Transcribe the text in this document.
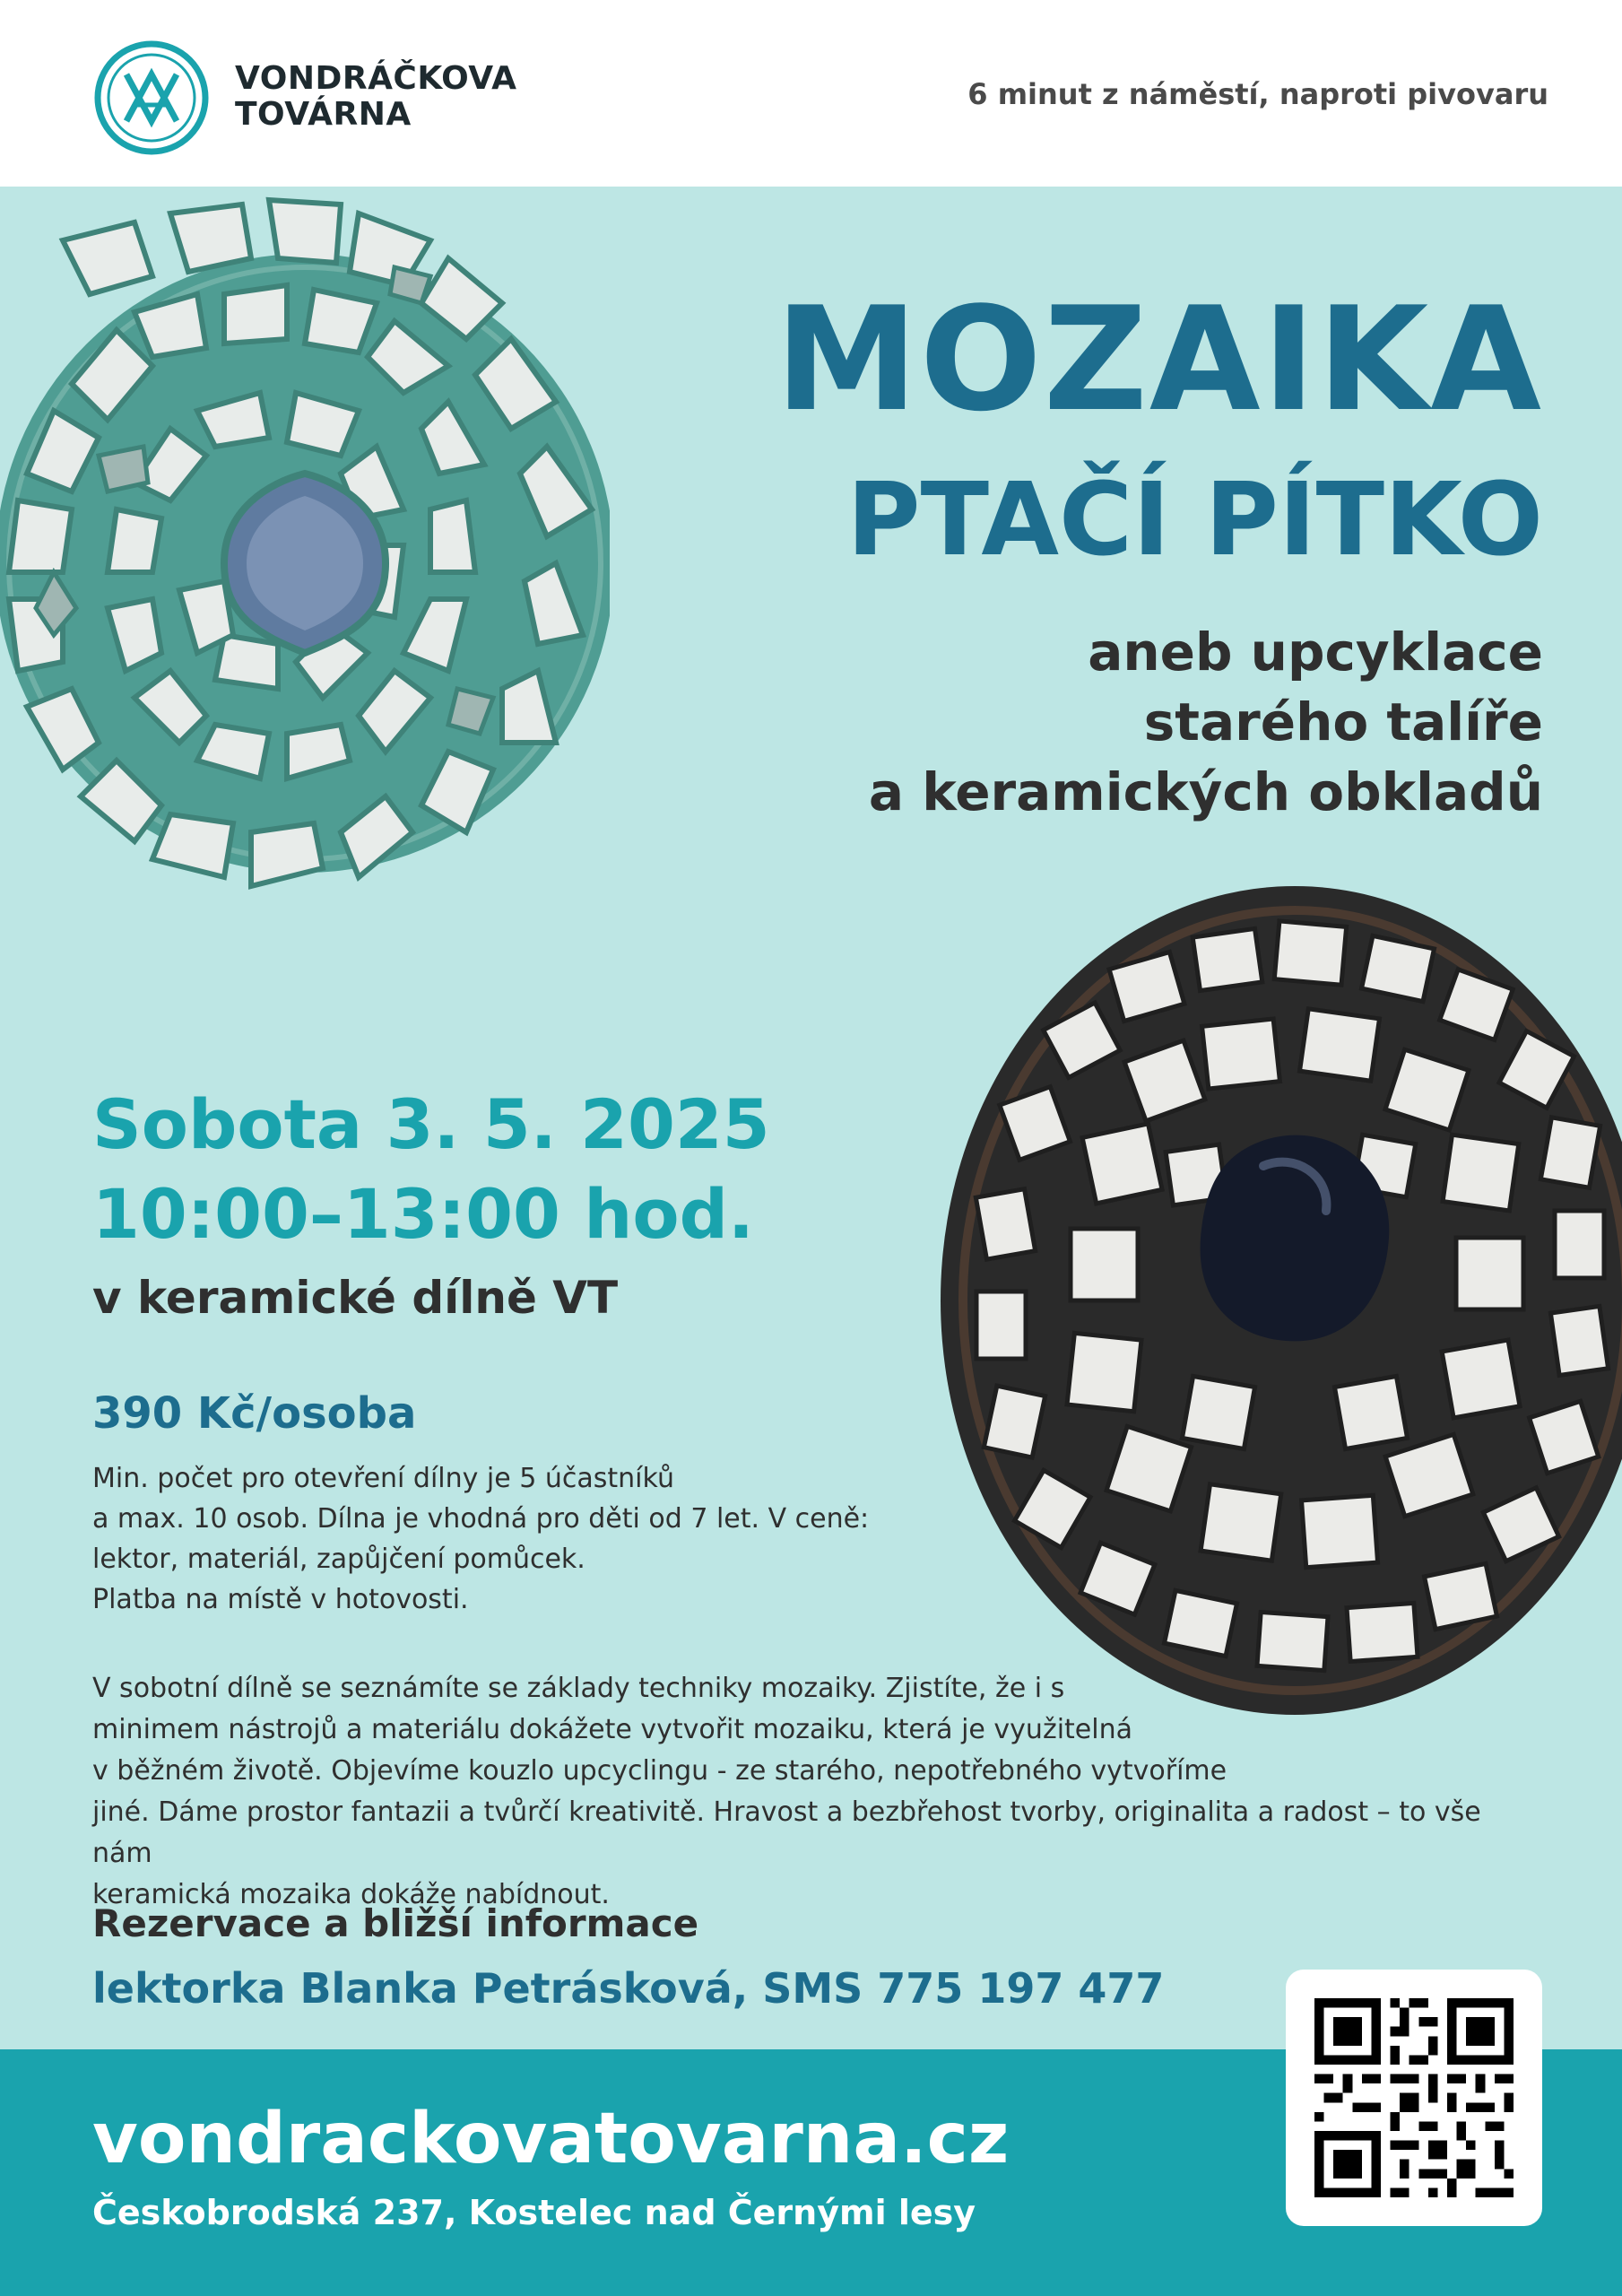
VONDRÁČKOVA
TOVÁRNA
6 minut z náměstí, naproti pivovaru
MOZAIKA
PTAČÍ PÍTKO
aneb upcyklace
starého talíře
a keramických obkladů
Sobota 3. 5. 2025
10:00–13:00 hod.
v keramické dílně VT
390 Kč/osoba
Min. počet pro otevření dílny je 5 účastníků
a max. 10 osob. Dílna je vhodná pro děti od 7 let. V ceně:
lektor, materiál, zapůjčení pomůcek.
Platba na místě v hotovosti.
V sobotní dílně se seznámíte se základy techniky mozaiky. Zjistíte, že i s
minimem nástrojů a materiálu dokážete vytvořit mozaiku, která je využitelná
v běžném životě. Objevíme kouzlo upcyclingu - ze starého, nepotřebného vytvoříme
jiné. Dáme prostor fantazii a tvůrčí kreativitě. Hravost a bezbřehost tvorby, originalita a radost – to vše nám
keramická mozaika dokáže nabídnout.
Rezervace a bližší informace
lektorka Blanka Petrásková, SMS 775 197 477
vondrackovatovarna.cz
Českobrodská 237, Kostelec nad Černými lesy
